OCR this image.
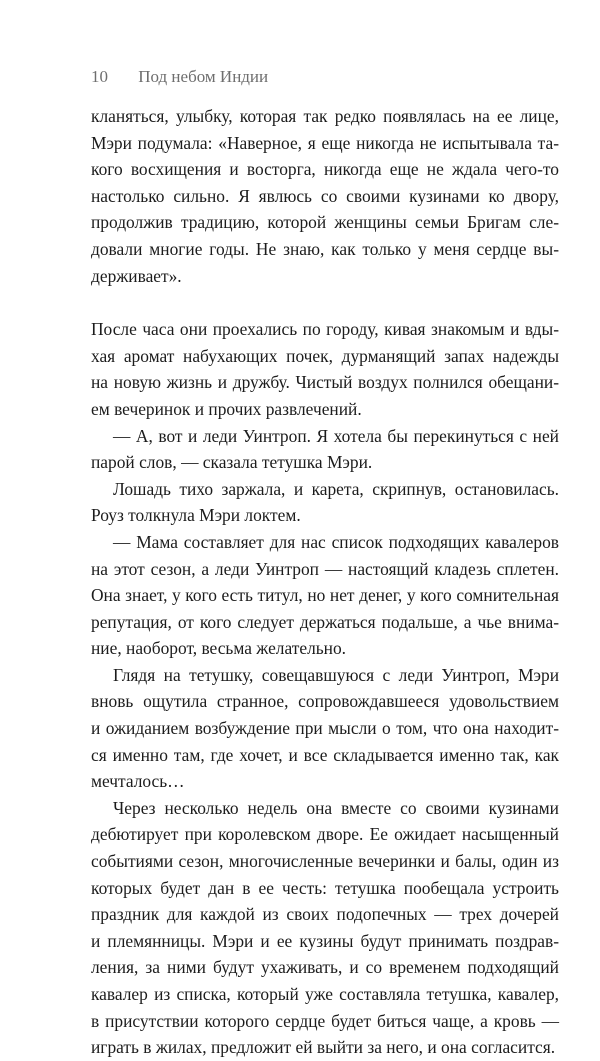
10 Под небом Индии
кланяться, улыбку, которая так редко появлялась на ее лице,
Мэри подумала: «Наверное, я еще никогда не испытывала та-
кого восхищения и восторга, никогда еще не ждала чего-то
настолько сильно. Я явлюсь со своими кузинами ко двору,
продолжив традицию, которой женщины семьи Бригам сле-
довали многие годы. Не знаю, как только у меня сердце вы-
держивает».
После часа они проехались по городу, кивая знакомым и вды-
хая аромат набухающих почек, дурманящий запах надежды
на новую жизнь и дружбу. Чистый воздух полнился обещани-
ем вечеринок и прочих развлечений.
— А, вот и леди Уинтроп. Я хотела бы перекинуться с ней
парой слов, — сказала тетушка Мэри.
Лошадь тихо заржала, и карета, скрипнув, остановилась.
Роуз толкнула Мэри локтем.
— Мама составляет для нас список подходящих кавалеров
на этот сезон, а леди Уинтроп — настоящий кладезь сплетен.
Она знает, у кого есть титул, но нет денег, у кого сомнительная
репутация, от кого следует держаться подальше, а чье внима-
ние, наоборот, весьма желательно.
Глядя на тетушку, совещавшуюся с леди Уинтроп, Мэри
вновь ощутила странное, сопровождавшееся удовольствием
и ожиданием возбуждение при мысли о том, что она находит-
ся именно там, где хочет, и все складывается именно так, как
мечталось…
Через несколько недель она вместе со своими кузинами
дебютирует при королевском дворе. Ее ожидает насыщенный
событиями сезон, многочисленные вечеринки и балы, один из
которых будет дан в ее честь: тетушка пообещала устроить
праздник для каждой из своих подопечных — трех дочерей
и племянницы. Мэри и ее кузины будут принимать поздрав-
ления, за ними будут ухаживать, и со временем подходящий
кавалер из списка, который уже составляла тетушка, кавалер,
в присутствии которого сердце будет биться чаще, а кровь —
играть в жилах, предложит ей выйти за него, и она согласится.
